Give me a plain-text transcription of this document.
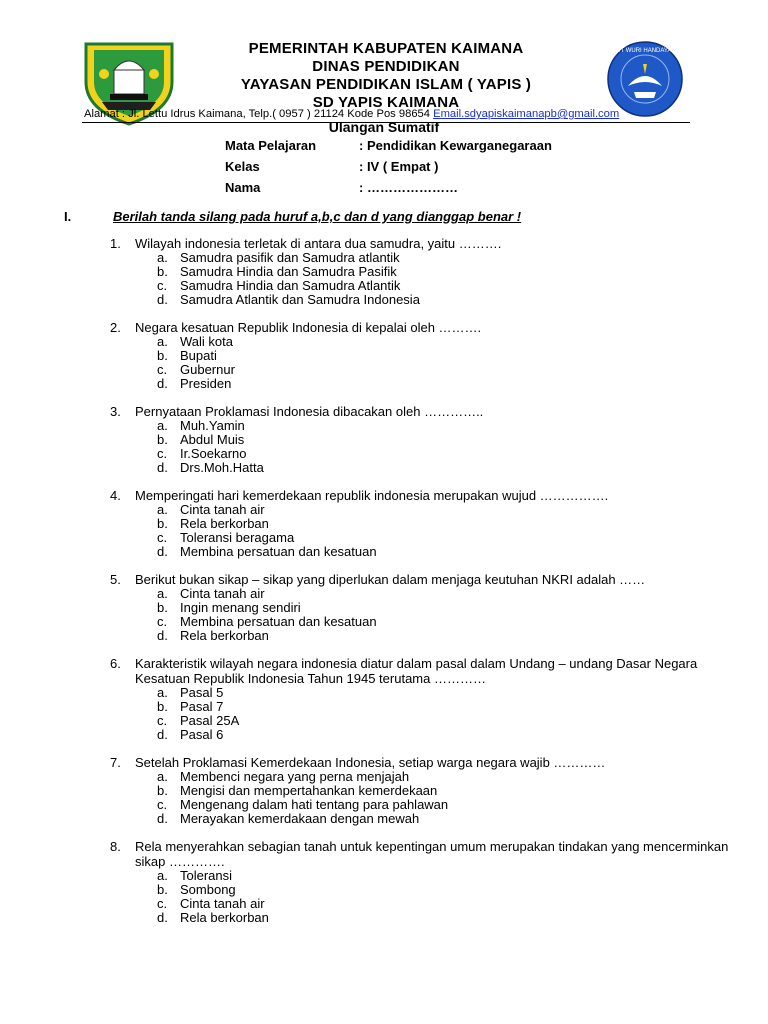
TUT WURI HANDAYANI
PEMERINTAH KABUPATEN KAIMANA
DINAS PENDIDIKAN
YAYASAN PENDIDIKAN ISLAM ( YAPIS )
SD YAPIS KAIMANA
Alamat : Jl. Lettu Idrus Kaimana, Telp.( 0957 ) 21124 Kode Pos 98654 Email.sdyapiskaimanapb@gmail.com
Ulangan Sumatif
Mata Pelajaran	: Pendidikan Kewarganegaraan
Kelas	: IV ( Empat )
Nama	: …………………
I.	Berilah tanda silang pada huruf a,b,c dan d yang dianggap benar !
1.	Wilayah indonesia terletak di antara dua samudra, yaitu ……….
a. Samudra pasifik dan Samudra atlantik
b. Samudra Hindia dan Samudra Pasifik
c. Samudra Hindia dan Samudra Atlantik
d. Samudra Atlantik dan Samudra Indonesia
2.	Negara kesatuan Republik Indonesia di kepalai oleh ……….
a. Wali kota
b. Bupati
c. Gubernur
d. Presiden
3.	Pernyataan Proklamasi Indonesia dibacakan oleh …………..
a. Muh.Yamin
b. Abdul Muis
c. Ir.Soekarno
d. Drs.Moh.Hatta
4.	Memperingati hari kemerdekaan republik indonesia merupakan wujud …………….
a. Cinta tanah air
b. Rela berkorban
c. Toleransi beragama
d. Membina persatuan dan kesatuan
5.	Berikut bukan sikap – sikap yang diperlukan dalam menjaga keutuhan NKRI adalah ……
a. Cinta tanah air
b. Ingin menang sendiri
c. Membina persatuan dan kesatuan
d. Rela berkorban
6.	Karakteristik wilayah negara indonesia diatur dalam pasal dalam Undang – undang Dasar Negara Kesatuan Republik Indonesia Tahun 1945 terutama …………
a. Pasal 5
b. Pasal 7
c. Pasal 25A
d. Pasal 6
7.	Setelah Proklamasi Kemerdekaan Indonesia, setiap warga negara wajib …………
a. Membenci negara yang perna menjajah
b. Mengisi dan mempertahankan kemerdekaan
c. Mengenang dalam hati tentang para pahlawan
d. Merayakan kemerdakaan dengan mewah
8.	Rela menyerahkan sebagian tanah untuk kepentingan umum merupakan tindakan yang mencerminkan sikap ………….
a. Toleransi
b. Sombong
c. Cinta tanah air
d. Rela berkorban
